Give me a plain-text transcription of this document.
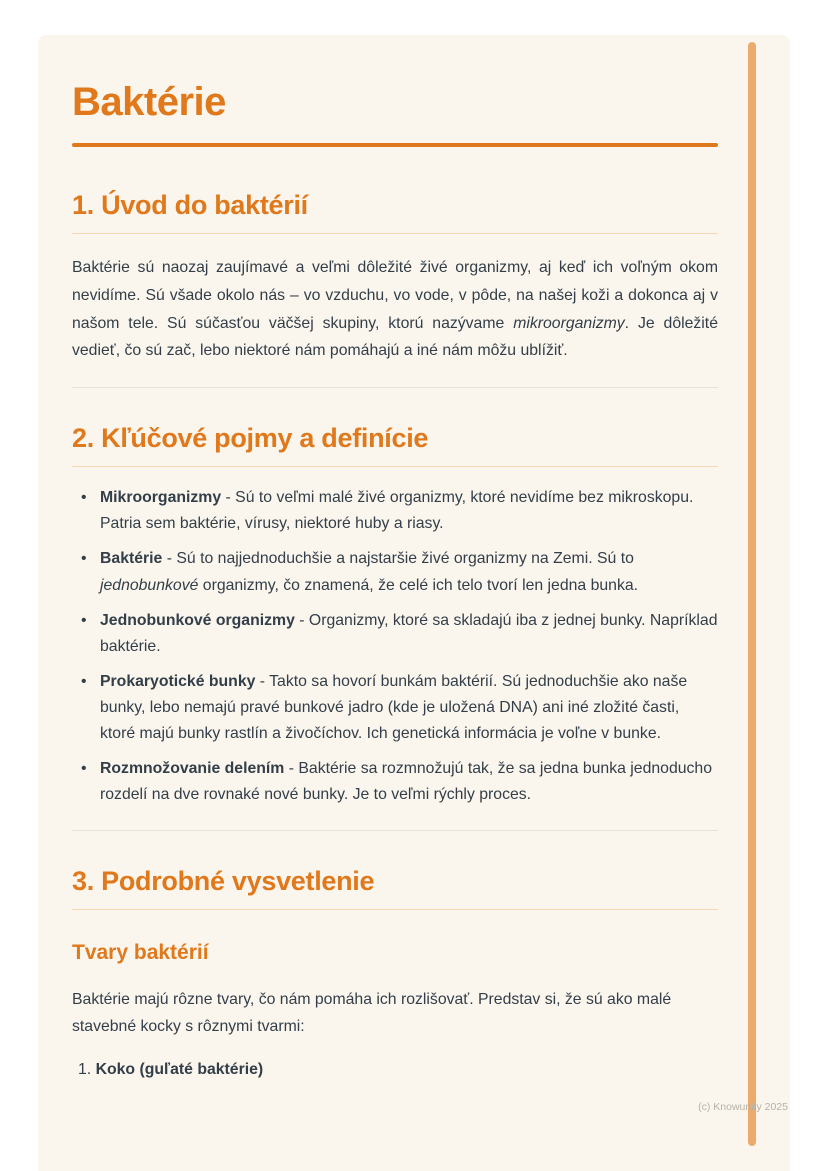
Baktérie
1. Úvod do baktérií

Baktérie sú naozaj zaujímavé a veľmi dôležité živé organizmy, aj keď ich voľným okom nevidíme. Sú všade okolo nás – vo vzduchu, vo vode, v pôde, na našej koži a dokonca aj v našom tele. Sú súčasťou väčšej skupiny, ktorú nazývame mikroorganizmy. Je dôležité vedieť, čo sú zač, lebo niektoré nám pomáhajú a iné nám môžu ublížiť.

2. Kľúčové pojmy a definície
• Mikroorganizmy - Sú to veľmi malé živé organizmy, ktoré nevidíme bez mikroskopu. Patria sem baktérie, vírusy, niektoré huby a riasy.
• Baktérie - Sú to najjednoduchšie a najstaršie živé organizmy na Zemi. Sú to jednobunkové organizmy, čo znamená, že celé ich telo tvorí len jedna bunka.
• Jednobunkové organizmy - Organizmy, ktoré sa skladajú iba z jednej bunky. Napríklad baktérie.
• Prokaryotické bunky - Takto sa hovorí bunkám baktérií. Sú jednoduchšie ako naše bunky, lebo nemajú pravé bunkové jadro (kde je uložená DNA) ani iné zložité časti, ktoré majú bunky rastlín a živočíchov. Ich genetická informácia je voľne v bunke.
• Rozmnožovanie delením - Baktérie sa rozmnožujú tak, že sa jedna bunka jednoducho rozdelí na dve rovnaké nové bunky. Je to veľmi rýchly proces.
3. Podrobné vysvetlenie
Tvary baktérií

Baktérie majú rôzne tvary, čo nám pomáha ich rozlišovať. Predstav si, že sú ako malé stavebné kocky s rôznymi tvarmi:

1. Koko (guľaté baktérie)
(c) Knowunity 2025
